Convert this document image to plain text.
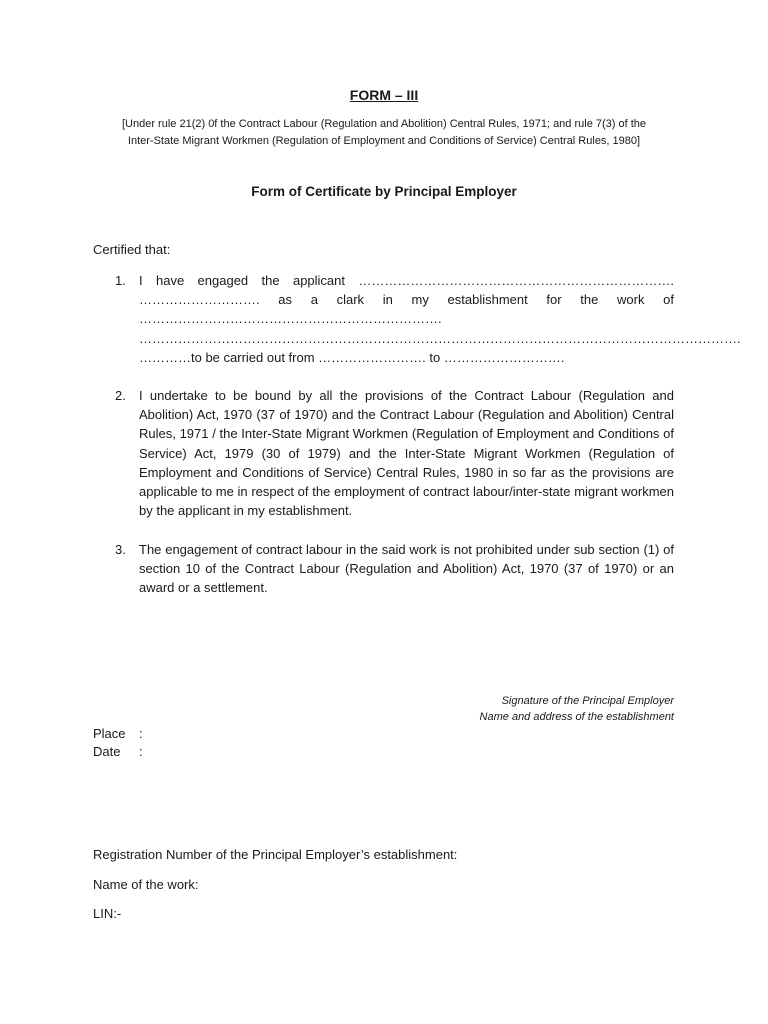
FORM – III
[Under rule 21(2) 0f the Contract Labour (Regulation and Abolition) Central Rules, 1971; and rule 7(3) of the
Inter-State Migrant Workmen (Regulation of Employment and Conditions of Service) Central Rules, 1980]
Form of Certificate by Principal Employer
Certified that:
1.	I have engaged the applicant ……………………………………………………………….
………………………. as a clark in my establishment for the work of
…………………………………………………………….
………………………………………………………………………………………………………………………….
…………to be carried out from ……………………. to ……………………….
2.	I undertake to be bound by all the provisions of the Contract Labour (Regulation and Abolition) Act, 1970 (37 of 1970) and the Contract Labour (Regulation and Abolition) Central Rules, 1971 / the Inter-State Migrant Workmen (Regulation of Employment and Conditions of Service) Act, 1979 (30 of 1979) and the Inter-State Migrant Workmen (Regulation of Employment and Conditions of Service) Central Rules, 1980 in so far as the provisions are applicable to me in respect of the employment of contract labour/inter-state migrant workmen by the applicant in my establishment.
3.	The engagement of contract labour in the said work is not prohibited under sub section (1) of section 10 of the Contract Labour (Regulation and Abolition) Act, 1970 (37 of 1970) or an award or a settlement.
Signature of the Principal Employer
Name and address of the establishment
Place :
Date :
Registration Number of the Principal Employer’s establishment:
Name of the work:
LIN:-
